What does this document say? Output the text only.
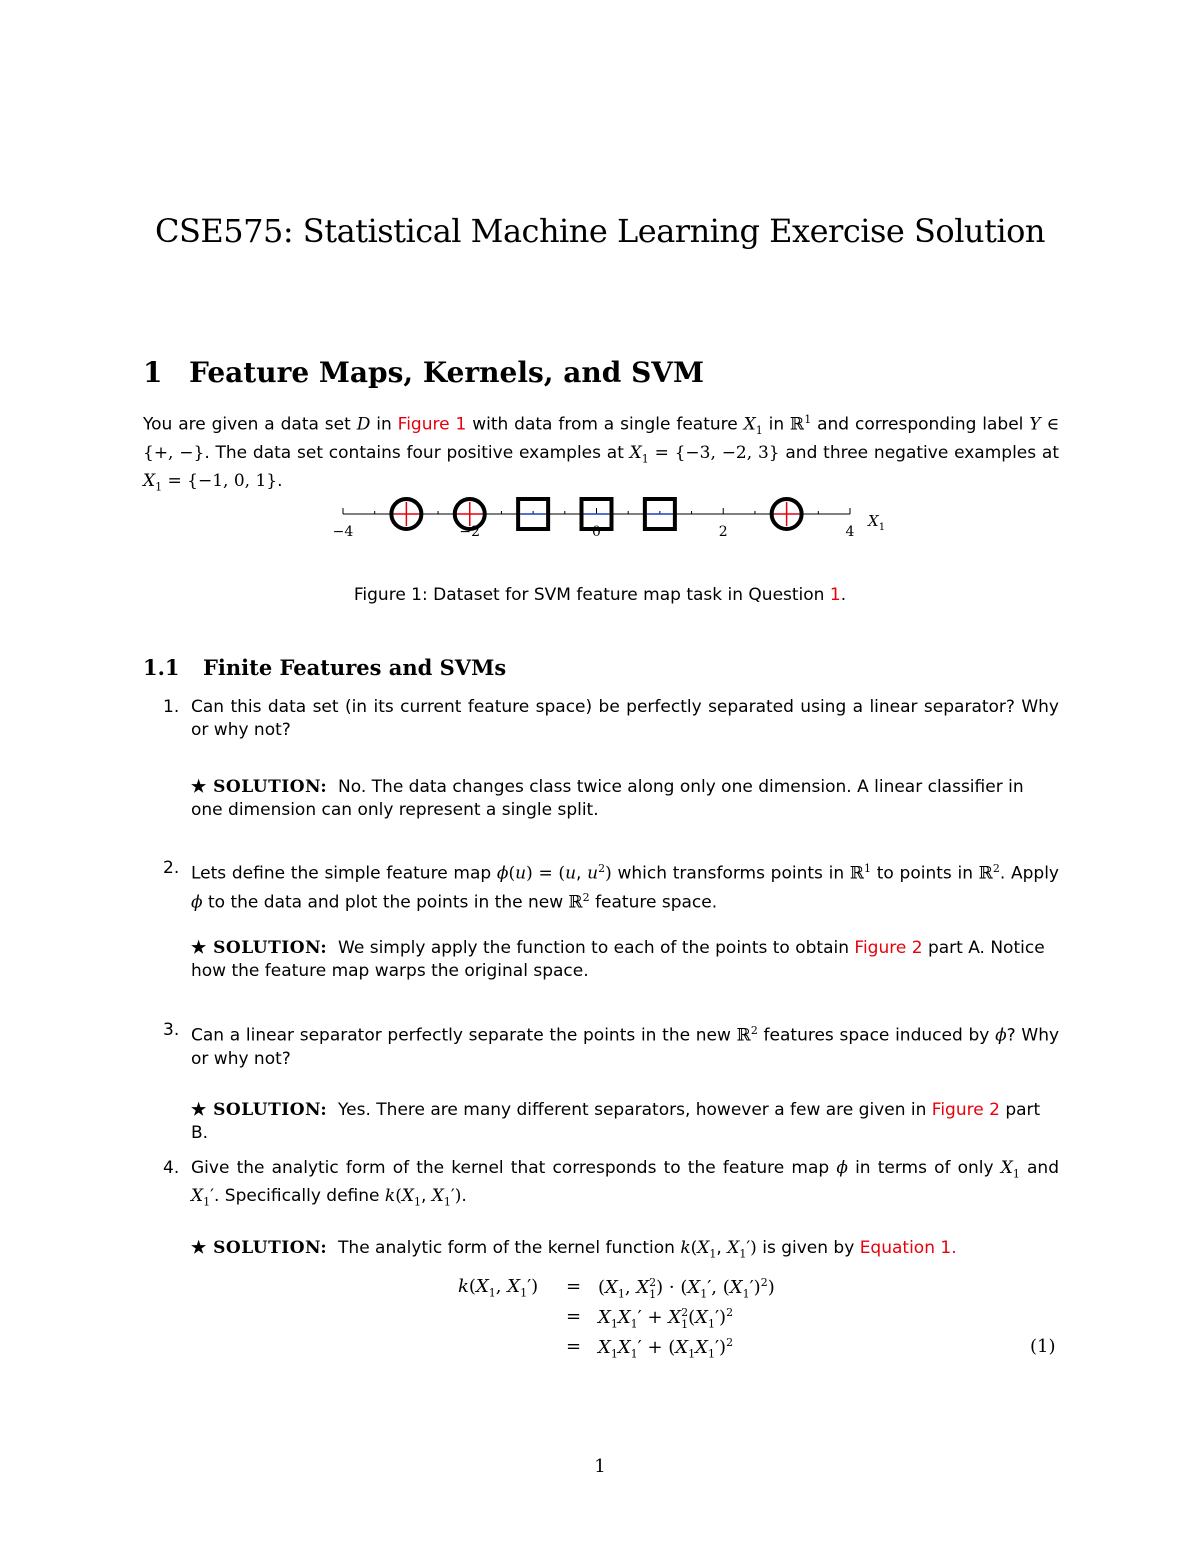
CSE575: Statistical Machine Learning Exercise Solution
1 Feature Maps, Kernels, and SVM
You are given a data set D in Figure 1 with data from a single feature $X_1$ in ℝ$^1$ and corresponding label Y ∈ {+, −}. The data set contains four positive examples at $X_1 = \{-3$, −2, 3} and three negative examples at $X_1 = \{-1$, 0, 1}.
−4	−2	0	2	4
$X_1$
Figure 1: Dataset for SVM feature map task in Question 1.
1.1 Finite Features and SVMs
1. Can this data set (in its current feature space) be perfectly separated using a linear separator? Why or why not?
★ SOLUTION: No. The data changes class twice along only one dimension. A linear classifier in one dimension can only represent a single split.
2. Lets define the simple feature map ϕ(u) = (u, $u^2$) which transforms points in ℝ$^1$ to points in ℝ$^2$. Apply ϕ to the data and plot the points in the new ℝ$^2$ feature space.
★ SOLUTION: We simply apply the function to each of the points to obtain Figure 2 part A. Notice how the feature map warps the original space.
3. Can a linear separator perfectly separate the points in the new ℝ$^2$ features space induced by ϕ? Why or why not?
★ SOLUTION: Yes. There are many different separators, however a few are given in Figure 2 part B.
4. Give the analytic form of the kernel that corresponds to the feature map ϕ in terms of only $X_1$ and $X_1'$. Specifically define $k(X_1$, $X_1'$).
★ SOLUTION: The analytic form of the kernel function $k(X_1$, $X_1'$) is given by Equation 1.
$k(X_1$, $X_1') = (X_1$, $X^2_1) \cdot (X_1'$, $(X_1')^2$)
= $X_1X_1' + X^2_1(X_1')^2$
= $X_1X_1' + (X_1X_1')^2$	(1)
1
